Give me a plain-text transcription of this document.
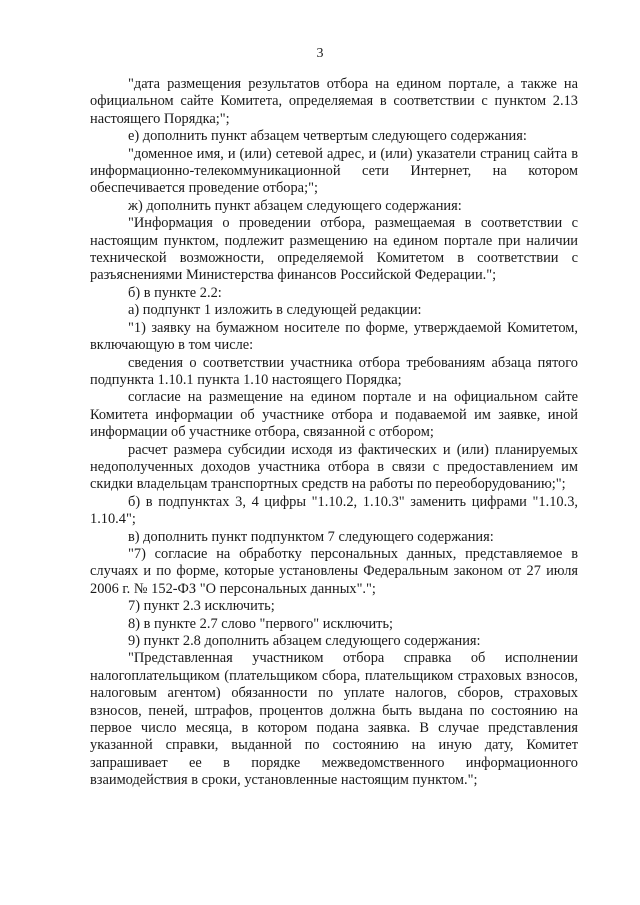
3

"дата размещения результатов отбора на едином портале, а также на официальном сайте Комитета, определяемая в соответствии с пунктом 2.13 настоящего Порядка;";

е) дополнить пункт абзацем четвертым следующего содержания:

"доменное имя, и (или) сетевой адрес, и (или) указатели страниц сайта в информационно-телекоммуникационной сети Интернет, на котором обеспечивается проведение отбора;";

ж) дополнить пункт абзацем следующего содержания:

"Информация о проведении отбора, размещаемая в соответствии с настоящим пунктом, подлежит размещению на едином портале при наличии технической возможности, определяемой Комитетом в соответствии с разъяснениями Министерства финансов Российской Федерации.";

б) в пункте 2.2:

а) подпункт 1 изложить в следующей редакции:

"1) заявку на бумажном носителе по форме, утверждаемой Комитетом, включающую в том числе:

сведения о соответствии участника отбора требованиям абзаца пятого подпункта 1.10.1 пункта 1.10 настоящего Порядка;

согласие на размещение на едином портале и на официальном сайте Комитета информации об участнике отбора и подаваемой им заявке, иной информации об участнике отбора, связанной с отбором;

расчет размера субсидии исходя из фактических и (или) планируемых недополученных доходов участника отбора в связи с предоставлением им скидки владельцам транспортных средств на работы по переоборудованию;";

б) в подпунктах 3, 4 цифры "1.10.2, 1.10.3" заменить цифрами "1.10.3, 1.10.4";

в) дополнить пункт подпунктом 7 следующего содержания:

"7) согласие на обработку персональных данных, представляемое в случаях и по форме, которые установлены Федеральным законом от 27 июля 2006 г. № 152-ФЗ "О персональных данных".";

7) пункт 2.3 исключить;

8) в пункте 2.7 слово "первого" исключить;

9) пункт 2.8 дополнить абзацем следующего содержания:

"Представленная участником отбора справка об исполнении налогоплательщиком (плательщиком сбора, плательщиком страховых взносов, налоговым агентом) обязанности по уплате налогов, сборов, страховых взносов, пеней, штрафов, процентов должна быть выдана по состоянию на первое число месяца, в котором подана заявка. В случае представления указанной справки, выданной по состоянию на иную дату, Комитет запрашивает ее в порядке межведомственного информационного взаимодействия в сроки, установленные настоящим пунктом.";
